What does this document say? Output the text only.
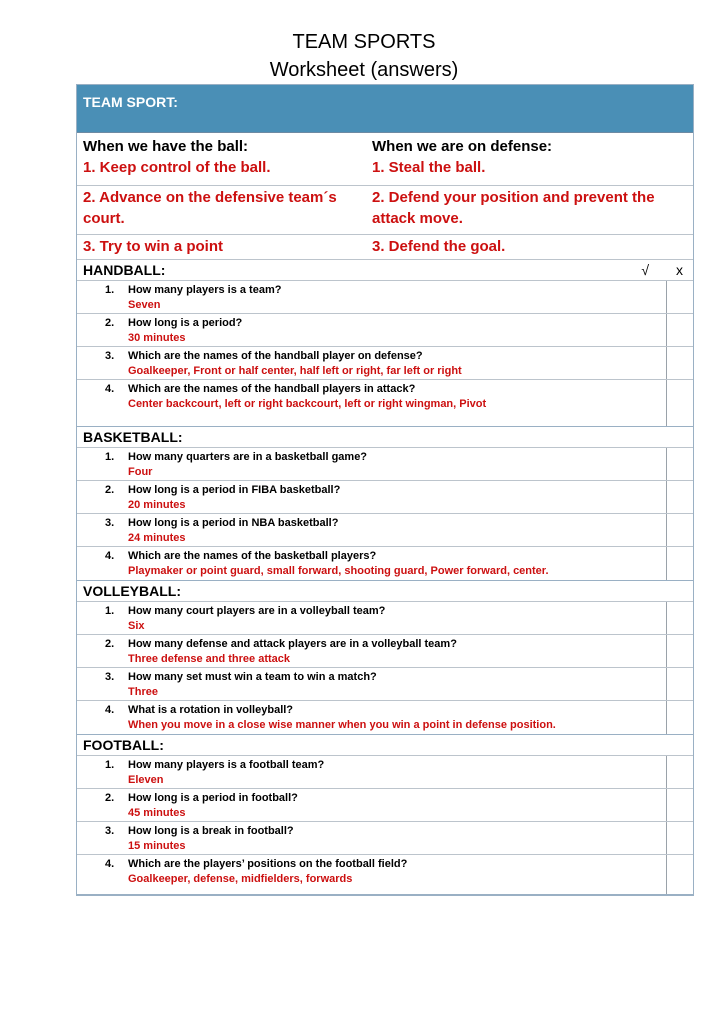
TEAM SPORTS
Worksheet (answers)
TEAM SPORT:
When we have the ball:
1. Keep control of the ball.
When we are on defense:
1. Steal the ball.
2. Advance on the defensive team´s court.
2. Defend your position and prevent the attack move.
3. Try to win a point	3. Defend the goal.
HANDBALL:	√ x
1. How many players is a team?
Seven
2. How long is a period?
30 minutes
3. Which are the names of the handball player on defense?
Goalkeeper, Front or half center, half left or right, far left or right
4. Which are the names of the handball players in attack?
Center backcourt, left or right backcourt, left or right wingman, Pivot
BASKETBALL:
1. How many quarters are in a basketball game?
Four
2. How long is a period in FIBA basketball?
20 minutes
3. How long is a period in NBA basketball?
24 minutes
4. Which are the names of the basketball players?
Playmaker or point guard, small forward, shooting guard, Power forward, center.
VOLLEYBALL:
1. How many court players are in a volleyball team?
Six
2. How many defense and attack players are in a volleyball team?
Three defense and three attack
3. How many set must win a team to win a match?
Three
4. What is a rotation in volleyball?
When you move in a close wise manner when you win a point in defense position.
FOOTBALL:
1. How many players is a football team?
Eleven
2. How long is a period in football?
45 minutes
3. How long is a break in football?
15 minutes
4. Which are the players’ positions on the football field?
Goalkeeper, defense, midfielders, forwards
